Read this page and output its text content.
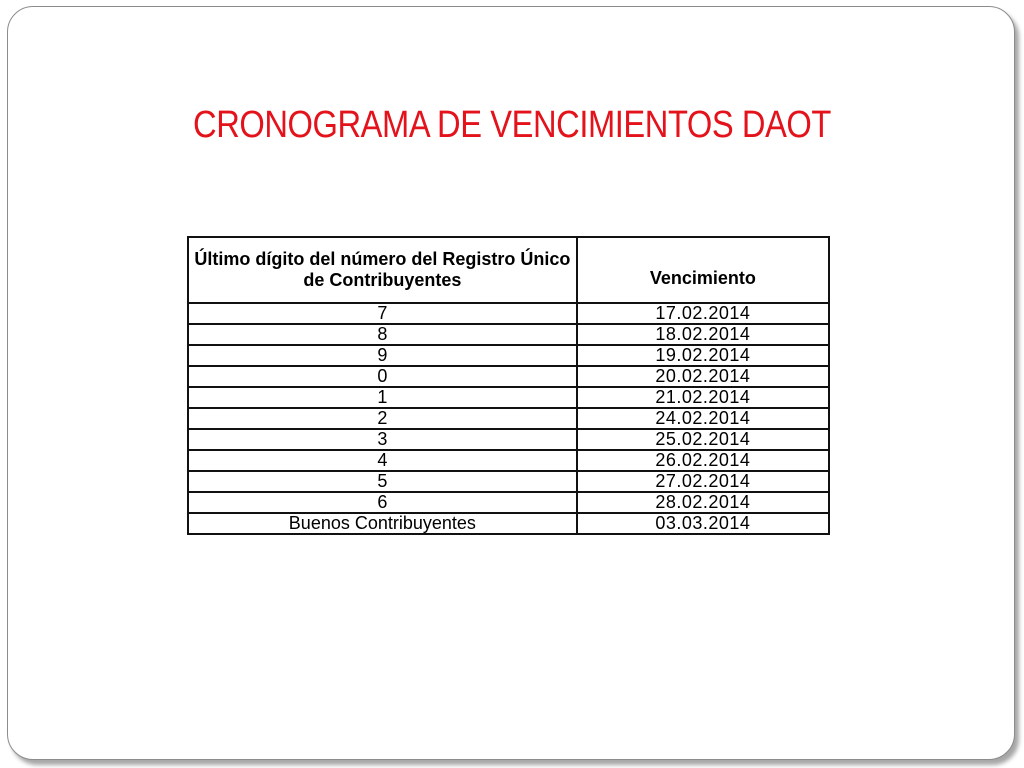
CRONOGRAMA DE VENCIMIENTOS DAOT
Último dígito del número del Registro Único de Contribuyentes	Vencimiento
7	17.02.2014
8	18.02.2014
9	19.02.2014
0	20.02.2014
1	21.02.2014
2	24.02.2014
3	25.02.2014
4	26.02.2014
5	27.02.2014
6	28.02.2014
Buenos Contribuyentes	03.03.2014
